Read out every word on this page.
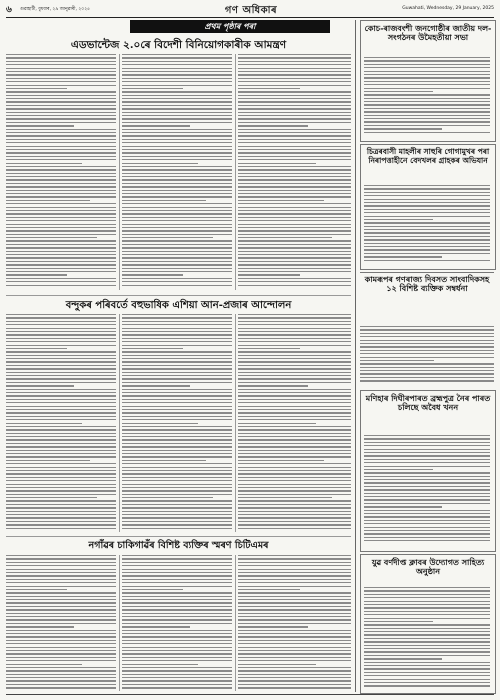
৬ গুৱাহাটী, বুধবাৰ, ২৯ জানুৱাৰী, ২০২৫	গণ অধিকাৰ	Guwahati, Wednesday, 29 January, 2025
প্ৰথম পৃষ্ঠাৰ পৰা
এডভান্টেজ ২.০ৰে বিদেশী বিনিয়োগকাৰীক আমন্ত্ৰণ
বন্দুকৰ পৰিবৰ্তে বহুভাষিক এশিয়া আন-প্ৰজাৰ আন্দোলন
নগাঁৱৰ চাকিগাৱঁৰ বিশিষ্ট ব্যক্তিৰ স্মৰণ চিটিএমৰ
কোচ-ৰাজবংশী জনগোষ্ঠীৰ জাতীয় দল-সংগঠনৰ উমৈহতীয়া সভা
চিত্ৰৰবাসী মাহলীৰ সাহুৰি গোগামুখৰ পৰা নিৰাপত্তাহীনে বেদখলৰ গ্ৰাহকৰ অভিযান
কামৰূপৰ গণৰাজ্য দিবসত সাংবাদিকসহ ১২ বিশিষ্ট ব্যক্তিক সম্বৰ্ধনা
মণিহাৰ দিঘীৰপাৰত ব্ৰহ্মপুত্ৰ নৈৰ পাৰত চলিছে অবৈধ খনন
যুৱ বৰ্ণদীপ্ত ক্লাবৰ উদ্যোগত সাহিত্য অনুষ্ঠান
